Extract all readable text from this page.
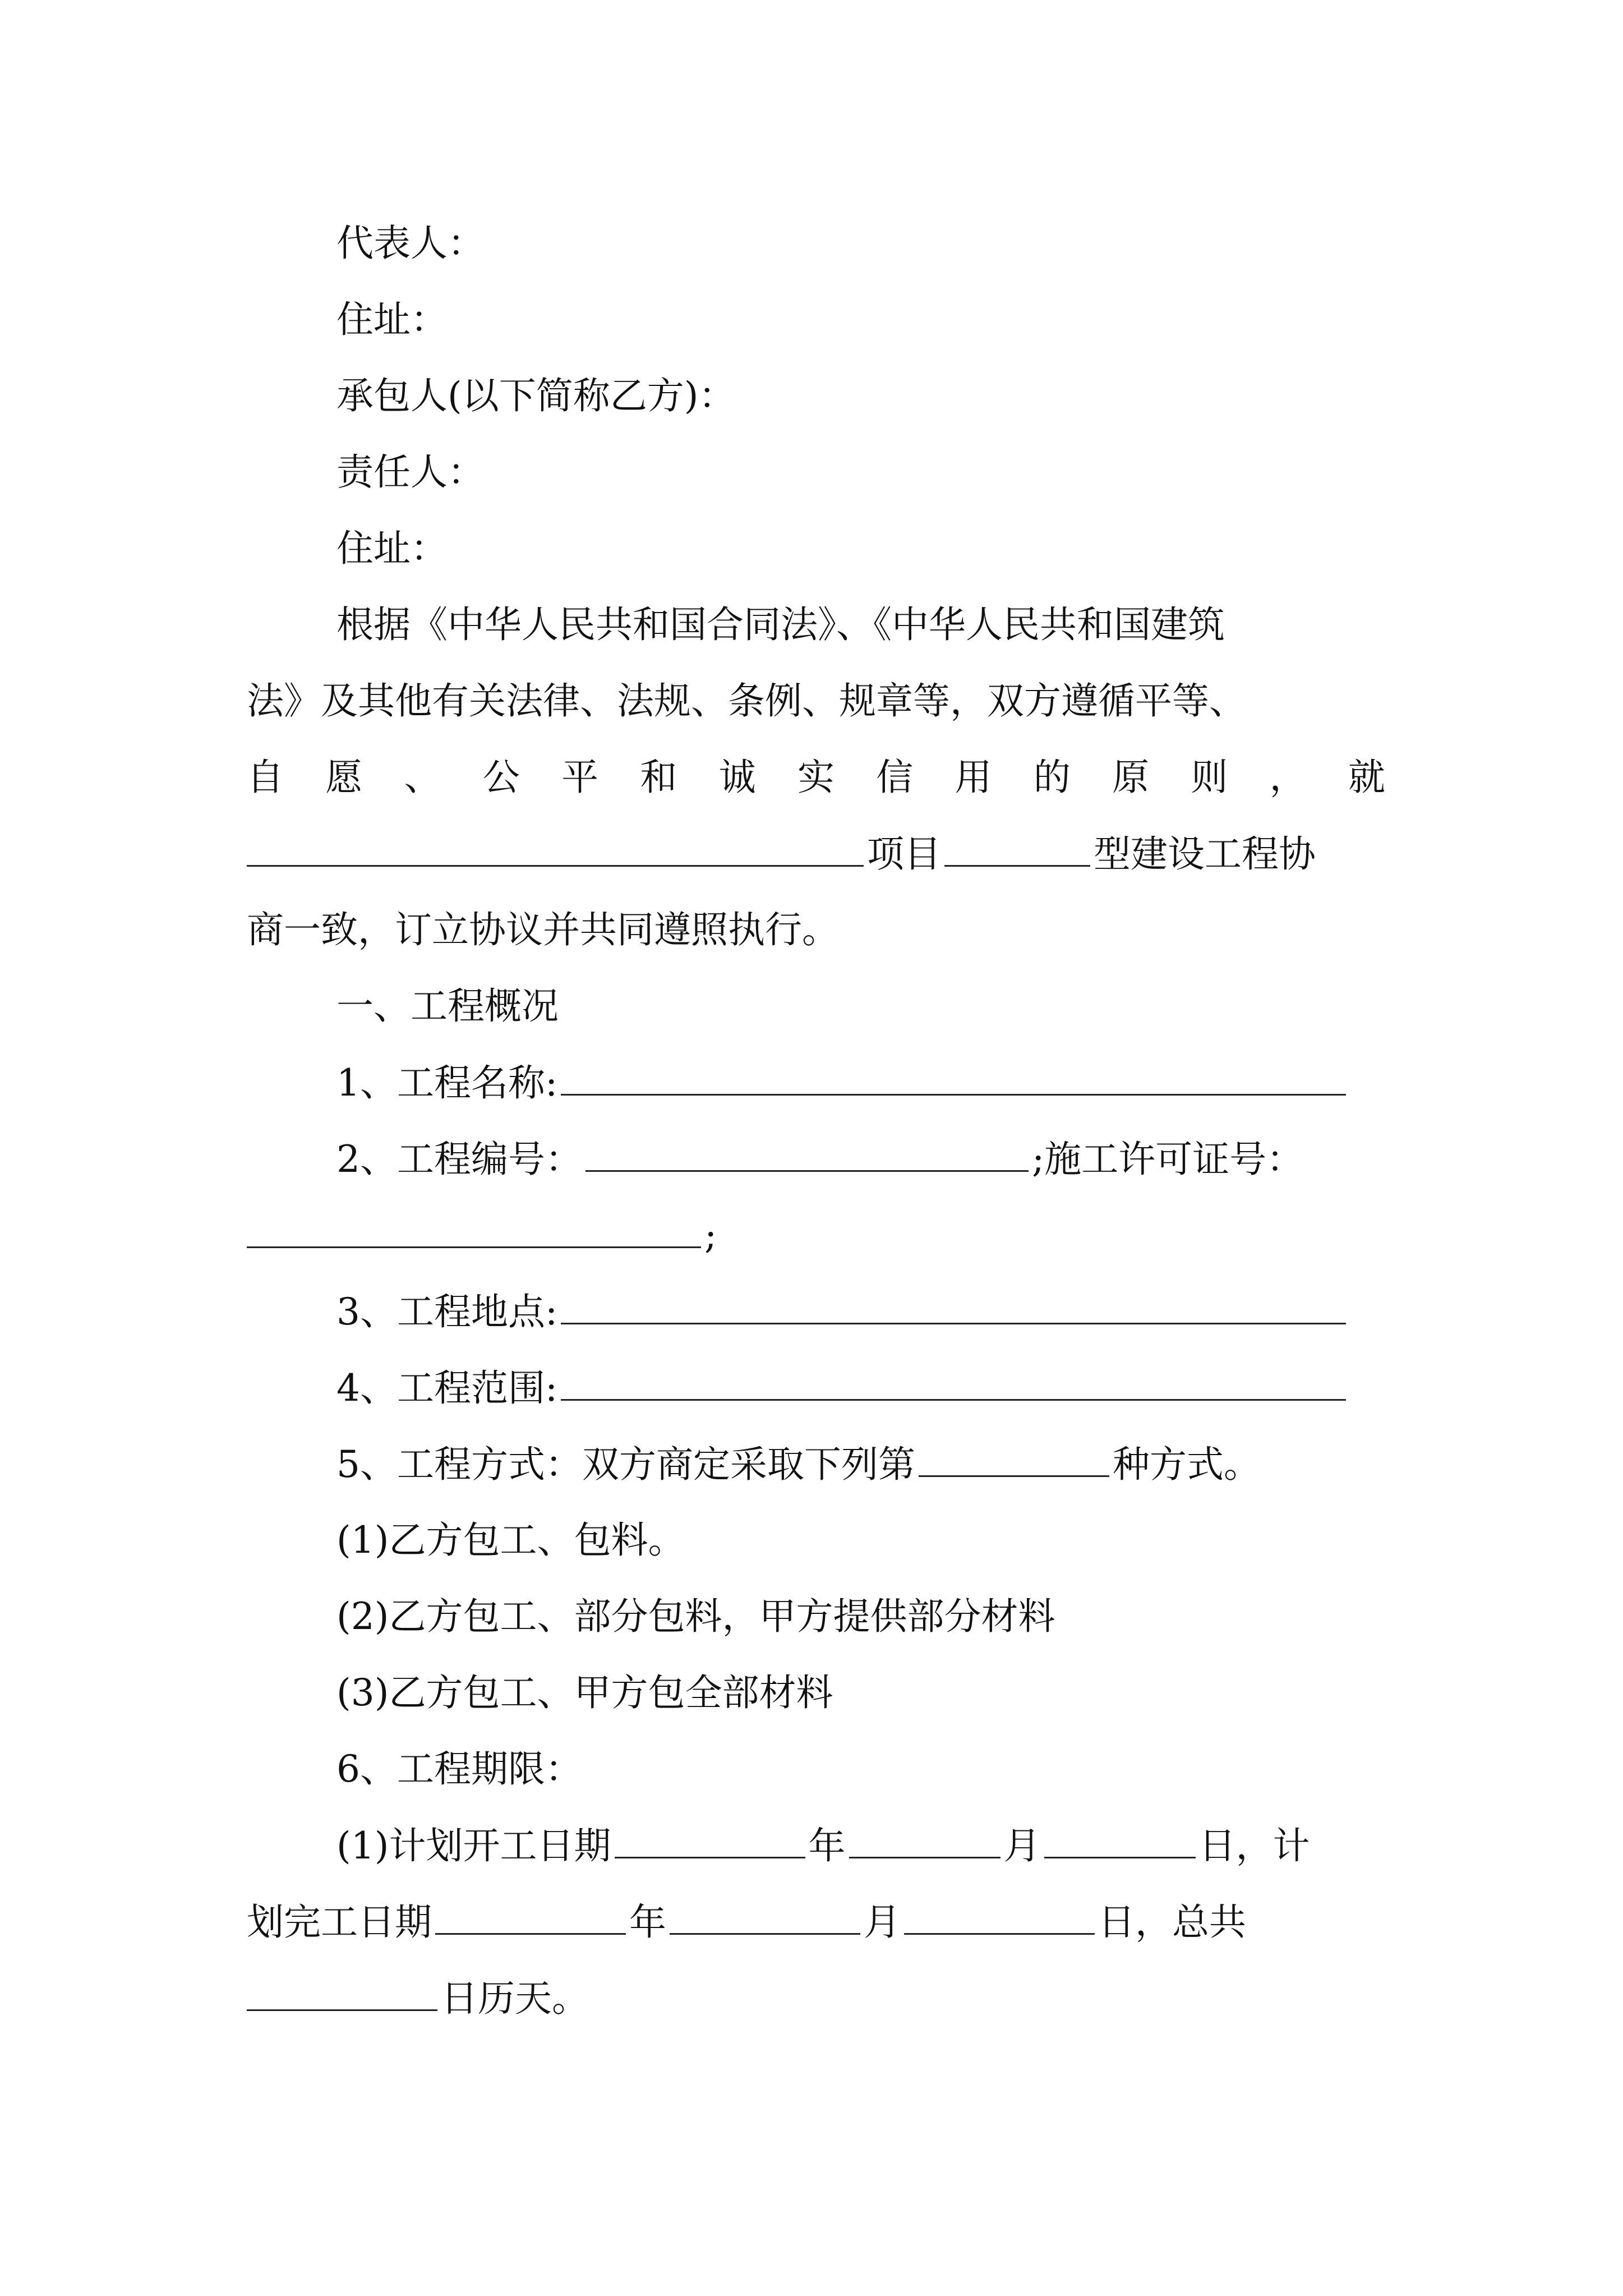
代表人：
住址：
承包人(以下简称乙方)：
责任人：
住址：
根据《中华人民共和国合同法》、《中华人民共和国建筑
法》及其他有关法律、法规、条例、规章等，双方遵循平等、
自 愿 、 公 平 和 诚 实 信 用 的 原 则 ， 就
项目	型建设工程协
商一致，订立协议并共同遵照执行。
一、工程概况
1、工程名称:
2、工程编号：	;施工许可证号：
;
3、工程地点:
4、工程范围:
5、工程方式：双方商定采取下列第	种方式。
(1)乙方包工、包料。
(2)乙方包工、部分包料，甲方提供部分材料
(3)乙方包工、甲方包全部材料
6、工程期限：
(1)计划开工日期	年	月	日，计
划完工日期	年	月	日，总共
日历天。
